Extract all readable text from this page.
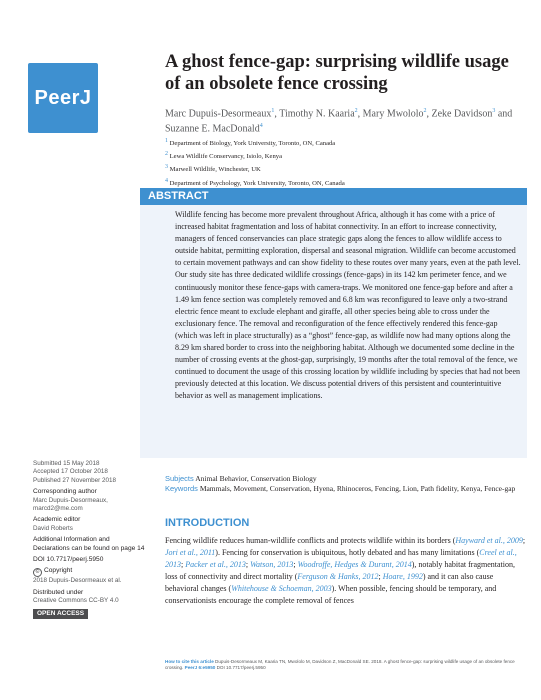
PeerJ
A ghost fence-gap: surprising wildlife usage of an obsolete fence crossing
Marc Dupuis-Desormeaux$^1$, Timothy N. Kaaria$^2$, Mary Mwololo$^2$, Zeke Davidson$^3$ and Suzanne E. MacDonald$^4$
$^1$ Department of Biology, York University, Toronto, ON, Canada
$^2$ Lewa Wildlife Conservancy, Isiolo, Kenya
$^3$ Marwell Wildlife, Winchester, UK
$^4$ Department of Psychology, York University, Toronto, ON, Canada
ABSTRACT
Wildlife fencing has become more prevalent throughout Africa, although it has come with a price of increased habitat fragmentation and loss of habitat connectivity. In an effort to increase connectivity, managers of fenced conservancies can place strategic gaps along the fences to allow wildlife access to outside habitat, permitting exploration, dispersal and seasonal migration. Wildlife can become accustomed to certain movement pathways and can show fidelity to these routes over many years, even at the path level. Our study site has three dedicated wildlife crossings (fence-gaps) in its 142 km perimeter fence, and we continuously monitor these fence-gaps with camera-traps. We monitored one fence-gap before and after a 1.49 km fence section was completely removed and 6.8 km was reconfigured to leave only a two-strand electric fence meant to exclude elephant and giraffe, all other species being able to cross under the exclusionary fence. The removal and reconfiguration of the fence effectively rendered this fence-gap (which was left in place structurally) as a “ghost” fence-gap, as wildlife now had many options along the 8.29 km shared border to cross into the neighboring habitat. Although we documented some decline in the number of crossing events at the ghost-gap, surprisingly, 19 months after the total removal of the fence, we continued to document the usage of this crossing location by wildlife including by species that had not been previously detected at this location. We discuss potential drivers of this persistent and counterintuitive behavior as well as management implications.
Submitted 15 May 2018
Accepted 17 October 2018
Published 27 November 2018
Corresponding author
Marc Dupuis-Desormeaux,
marcd2@me.com
Academic editor
David Roberts
Additional Information and Declarations can be found on page 14
DOI 10.7717/peerj.5950
© Copyright
2018 Dupuis-Desormeaux et al.
Distributed under
Creative Commons CC-BY 4.0
OPEN ACCESS
Subjects Animal Behavior, Conservation Biology
Keywords Mammals, Movement, Conservation, Hyena, Rhinoceros, Fencing, Lion, Path fidelity, Kenya, Fence-gap
INTRODUCTION
Fencing wildlife reduces human-wildlife conflicts and protects wildlife within its borders (Hayward et al., 2009; Jori et al., 2011). Fencing for conservation is ubiquitous, hotly debated and has many limitations (Creel et al., 2013; Packer et al., 2013; Watson, 2013; Woodroffe, Hedges & Durant, 2014), notably habitat fragmentation, loss of connectivity and direct mortality (Ferguson & Hanks, 2012; Hoare, 1992) and it can also cause behavioral changes (Whitehouse & Schoeman, 2003). When possible, fencing should be temporary, and conservationists encourage the complete removal of fences
How to cite this article Dupuis-Desormeaux M, Kaaria TN, Mwololo M, Davidson Z, MacDonald SE. 2018. A ghost fence-gap: surprising wildlife usage of an obsolete fence crossing. PeerJ 6:e5950 DOI 10.7717/peerj.5950
